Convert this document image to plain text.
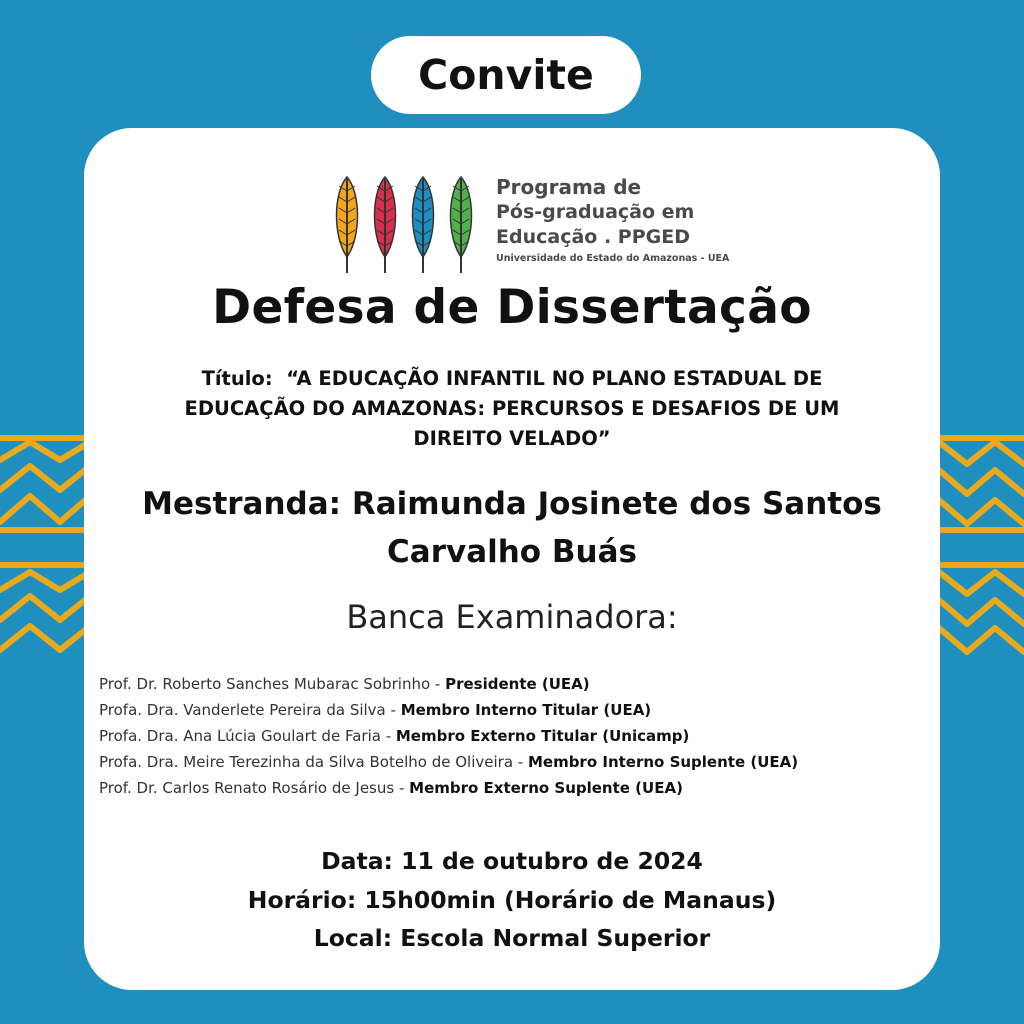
Convite
Programa de
Pós-graduação em
Educação . PPGED
Universidade do Estado do Amazonas - UEA
Defesa de Dissertação
Título: “A EDUCAÇÃO INFANTIL NO PLANO ESTADUAL DE EDUCAÇÃO DO AMAZONAS: PERCURSOS E DESAFIOS DE UM DIREITO VELADO”
Mestranda: Raimunda Josinete dos Santos Carvalho Buás
Banca Examinadora:
Prof. Dr. Roberto Sanches Mubarac Sobrinho - Presidente (UEA)
Profa. Dra. Vanderlete Pereira da Silva - Membro Interno Titular (UEA)
Profa. Dra. Ana Lúcia Goulart de Faria - Membro Externo Titular (Unicamp)
Profa. Dra. Meire Terezinha da Silva Botelho de Oliveira - Membro Interno Suplente (UEA)
Prof. Dr. Carlos Renato Rosário de Jesus - Membro Externo Suplente (UEA)
Data: 11 de outubro de 2024
Horário: 15h00min (Horário de Manaus)
Local: Escola Normal Superior
